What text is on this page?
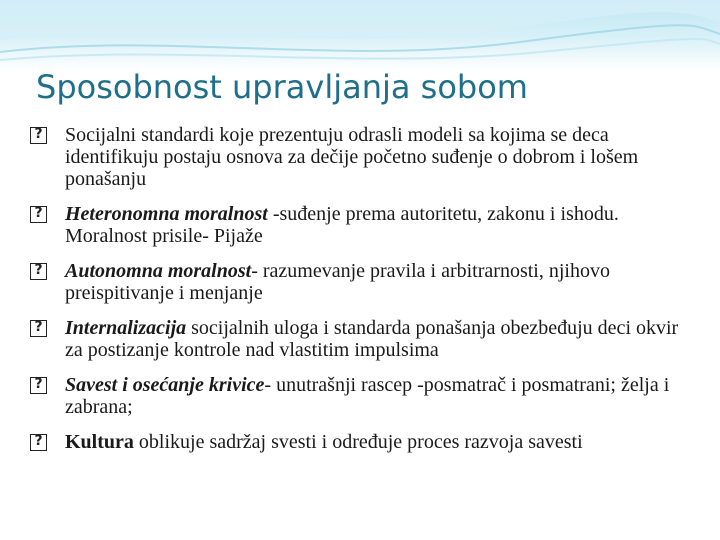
Sposobnost upravljanja sobom
? Socijalni standardi koje prezentuju odrasli modeli sa kojima se deca identifikuju postaju osnova za dečije početno suđenje o dobrom i lošem ponašanju
? Heteronomna moralnost -suđenje prema autoritetu, zakonu i ishodu. Moralnost prisile- Pijaže
? Autonomna moralnost- razumevanje pravila i arbitrarnosti, njihovo preispitivanje i menjanje
? Internalizacija socijalnih uloga i standarda ponašanja obezbeđuju deci okvir za postizanje kontrole nad vlastitim impulsima
? Savest i osećanje krivice- unutrašnji rascep -posmatrač i posmatrani; želja i zabrana;
? Kultura oblikuje sadržaj svesti i određuje proces razvoja savesti
